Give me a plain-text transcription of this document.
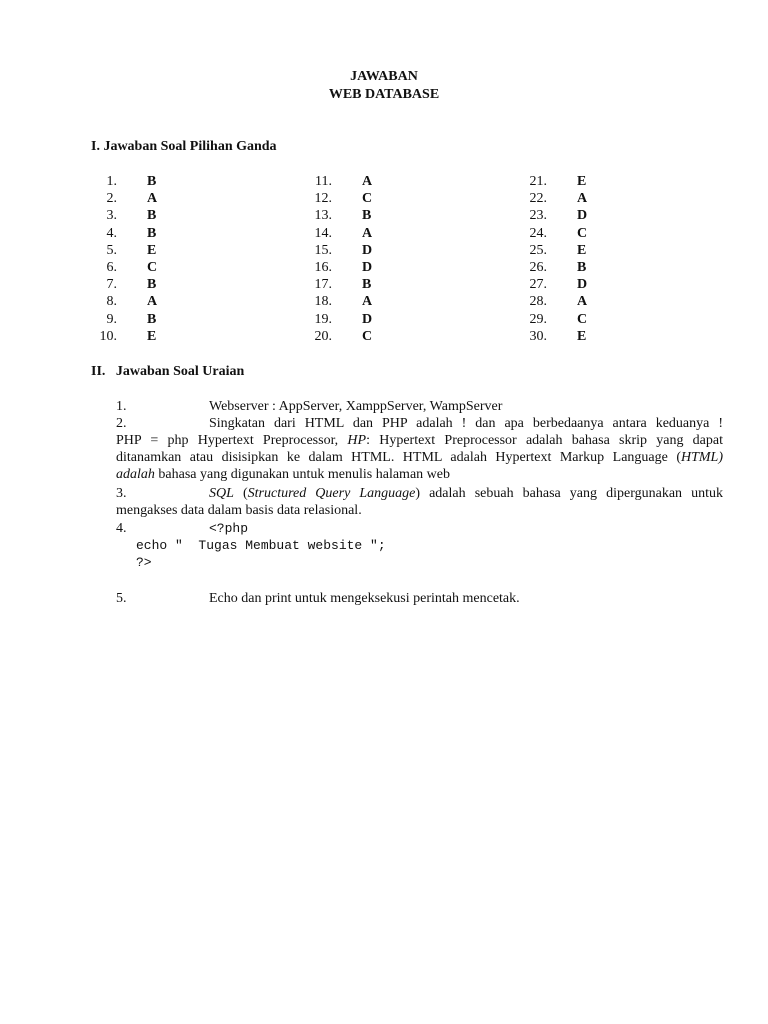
JAWABAN
WEB DATABASE
I. Jawaban Soal Pilihan Ganda
1. B
2. A
3. B
4. B
5. E
6. C
7. B
8. A
9. B
10. E
11. A
12. C
13. B
14. A
15. D
16. D
17. B
18. A
19. D
20. C
21. E
22. A
23. D
24. C
25. E
26. B
27. D
28. A
29. C
30. E
II.   Jawaban Soal Uraian
1.	Webserver : AppServer, XamppServer, WampServer
2.	Singkatan dari HTML dan PHP adalah ! dan apa berbedaanya antara keduanya !
PHP = php Hypertext Preprocessor, HP: Hypertext Preprocessor adalah bahasa skrip yang dapat
ditanamkan atau disisipkan ke dalam HTML. HTML adalah Hypertext Markup Language (HTML)
adalah bahasa yang digunakan untuk menulis halaman web
3.	SQL (Structured Query Language) adalah sebuah bahasa yang dipergunakan untuk
mengakses data dalam basis data relasional.
4.	<?php
echo "  Tugas Membuat website ";
?>
5.	Echo dan print untuk mengeksekusi perintah mencetak.
